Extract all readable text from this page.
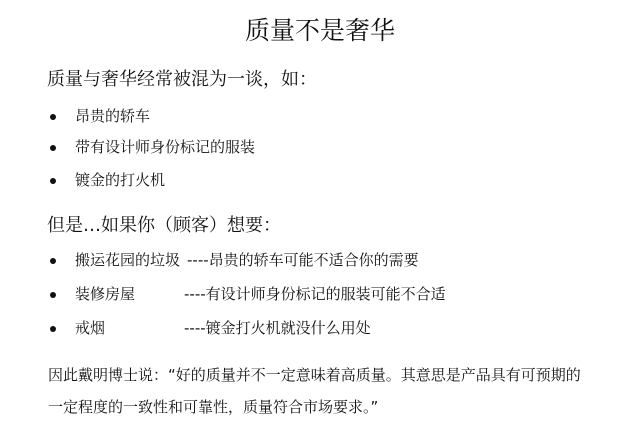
质量不是奢华
质量与奢华经常被混为一谈，如：
昂贵的轿车
带有设计师身份标记的服装
镀金的打火机
但是…如果你（顾客）想要：
搬运花园的垃圾 ----昂贵的轿车可能不适合你的需要
装修房屋	----有设计师身份标记的服装可能不合适
戒烟	----镀金打火机就没什么用处
因此戴明博士说：“好的质量并不一定意味着高质量。其意思是产品具有可预期的
一定程度的一致性和可靠性，质量符合市场要求。”
